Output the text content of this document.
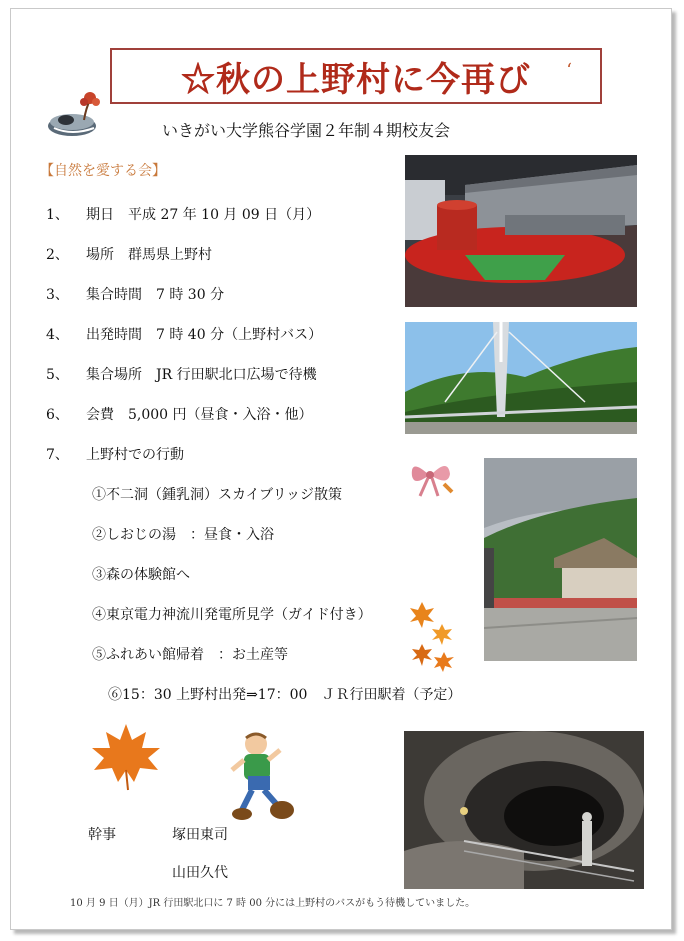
☆秋の上野村に今再び ‘
いきがい大学熊谷学園２年制４期校友会
【自然を愛する会】
1、 期日　平成 27 年 10 月 09 日（月）
2、 場所　群馬県上野村
3、 集合時間　7 時 30 分
4、 出発時間　7 時 40 分（上野村バス）
5、 集合場所　JR 行田駅北口広場で待機
6、 会費　5,000 円（昼食・入浴・他）
7、 上野村での行動
①不二洞（鍾乳洞）スカイブリッジ散策
②しおじの湯　：昼食・入浴
③森の体験館へ
④東京電力神流川発電所見学（ガイド付き）
⑤ふれあい館帰着　：お土産等
⑥15：30 上野村出発⇒17：00　ＪＲ行田駅着（予定）
幹事	塚田東司
山田久代
10 月 9 日（月）JR 行田駅北口に 7 時 00 分には上野村のバスがもう待機していました。
